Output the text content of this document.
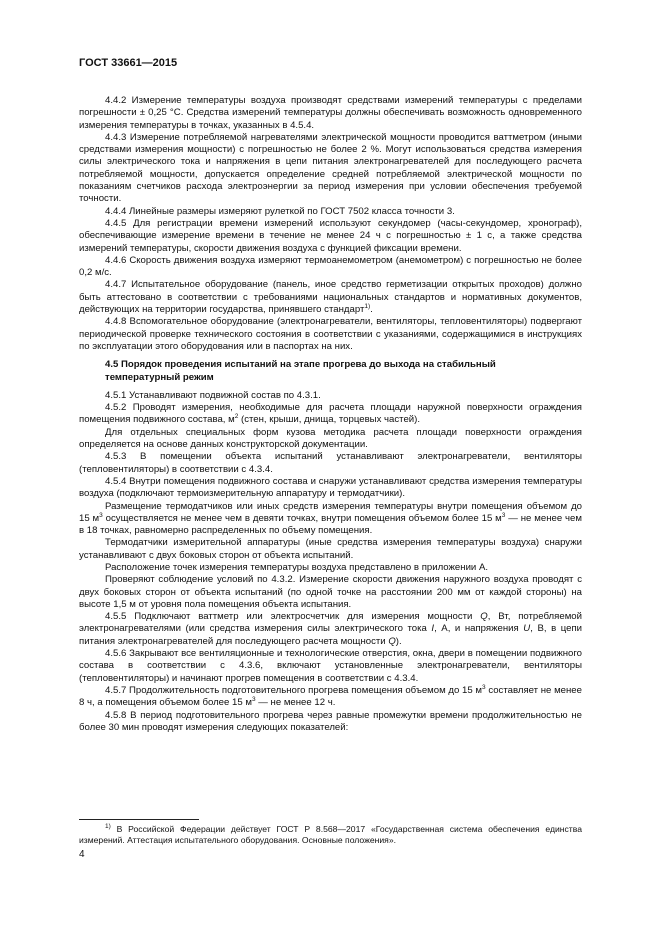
ГОСТ 33661—2015

4.4.2 Измерение температуры воздуха производят средствами измерений температуры с пределами погрешности ± 0,25 °С. Средства измерений температуры должны обеспечивать возможность одновременного измерения температуры в точках, указанных в 4.5.4.

4.4.3 Измерение потребляемой нагревателями электрической мощности проводится ваттметром (иными средствами измерения мощности) с погрешностью не более 2 %. Могут использоваться средства измерения силы электрического тока и напряжения в цепи питания электронагревателей для последующего расчета потребляемой мощности, допускается определение средней потребляемой электрической мощности по показаниям счетчиков расхода электроэнергии за период измерения при условии обеспечения требуемой точности.

4.4.4 Линейные размеры измеряют рулеткой по ГОСТ 7502 класса точности 3.

4.4.5 Для регистрации времени измерений используют секундомер (часы-секундомер, хронограф), обеспечивающие измерение времени в течение не менее 24 ч с погрешностью ± 1 с, а также средства измерений температуры, скорости движения воздуха с функцией фиксации времени.

4.4.6 Скорость движения воздуха измеряют термоанемометром (анемометром) с погрешностью не более 0,2 м/с.

4.4.7 Испытательное оборудование (панель, иное средство герметизации открытых проходов) должно быть аттестовано в соответствии с требованиями национальных стандартов и нормативных документов, действующих на территории государства, принявшего стандарт$^{1)}$.

4.4.8 Вспомогательное оборудование (электронагреватели, вентиляторы, тепловентиляторы) подвергают периодической проверке технического состояния в соответствии с указаниями, содержащимися в инструкциях по эксплуатации этого оборудования или в паспортах на них.

4.5 Порядок проведения испытаний на этапе прогрева до выхода на стабильный
температурный режим

4.5.1 Устанавливают подвижной состав по 4.3.1.

4.5.2 Проводят измерения, необходимые для расчета площади наружной поверхности ограждения помещения подвижного состава, $м^2$ (стен, крыши, днища, торцевых частей).

Для отдельных специальных форм кузова методика расчета площади поверхности ограждения определяется на основе данных конструкторской документации.

4.5.3 В помещении объекта испытаний устанавливают электронагреватели, вентиляторы (тепловентиляторы) в соответствии с 4.3.4.

4.5.4 Внутри помещения подвижного состава и снаружи устанавливают средства измерения температуры воздуха (подключают термоизмерительную аппаратуру и термодатчики).

Размещение термодатчиков или иных средств измерения температуры внутри помещения объемом до 15 $м^3$ осуществляется не менее чем в девяти точках, внутри помещения объемом более 15 $м^3$ — не менее чем в 18 точках, равномерно распределенных по объему помещения.

Термодатчики измерительной аппаратуры (иные средства измерения температуры воздуха) снаружи устанавливают с двух боковых сторон от объекта испытаний.

Расположение точек измерения температуры воздуха представлено в приложении А.

Проверяют соблюдение условий по 4.3.2. Измерение скорости движения наружного воздуха проводят с двух боковых сторон от объекта испытаний (по одной точке на расстоянии 200 мм от каждой стороны) на высоте 1,5 м от уровня пола помещения объекта испытания.

4.5.5 Подключают ваттметр или электросчетчик для измерения мощности Q, Вт, потребляемой электронагревателями (или средства измерения силы электрического тока I, А, и напряжения U, В, в цепи питания электронагревателей для последующего расчета мощности Q).

4.5.6 Закрывают все вентиляционные и технологические отверстия, окна, двери в помещении подвижного состава в соответствии с 4.3.6, включают установленные электронагреватели, вентиляторы (тепловентиляторы) и начинают прогрев помещения в соответствии с 4.3.4.

4.5.7 Продолжительность подготовительного прогрева помещения объемом до 15 $м^3$ составляет не менее 8 ч, а помещения объемом более 15 $м^3$ — не менее 12 ч.

4.5.8 В период подготовительного прогрева через равные промежутки времени продолжительностью не более 30 мин проводят измерения следующих показателей:

$^{1)}$ В Российской Федерации действует ГОСТ Р 8.568—2017 «Государственная система обеспечения единства измерений. Аттестация испытательного оборудования. Основные положения».

4
